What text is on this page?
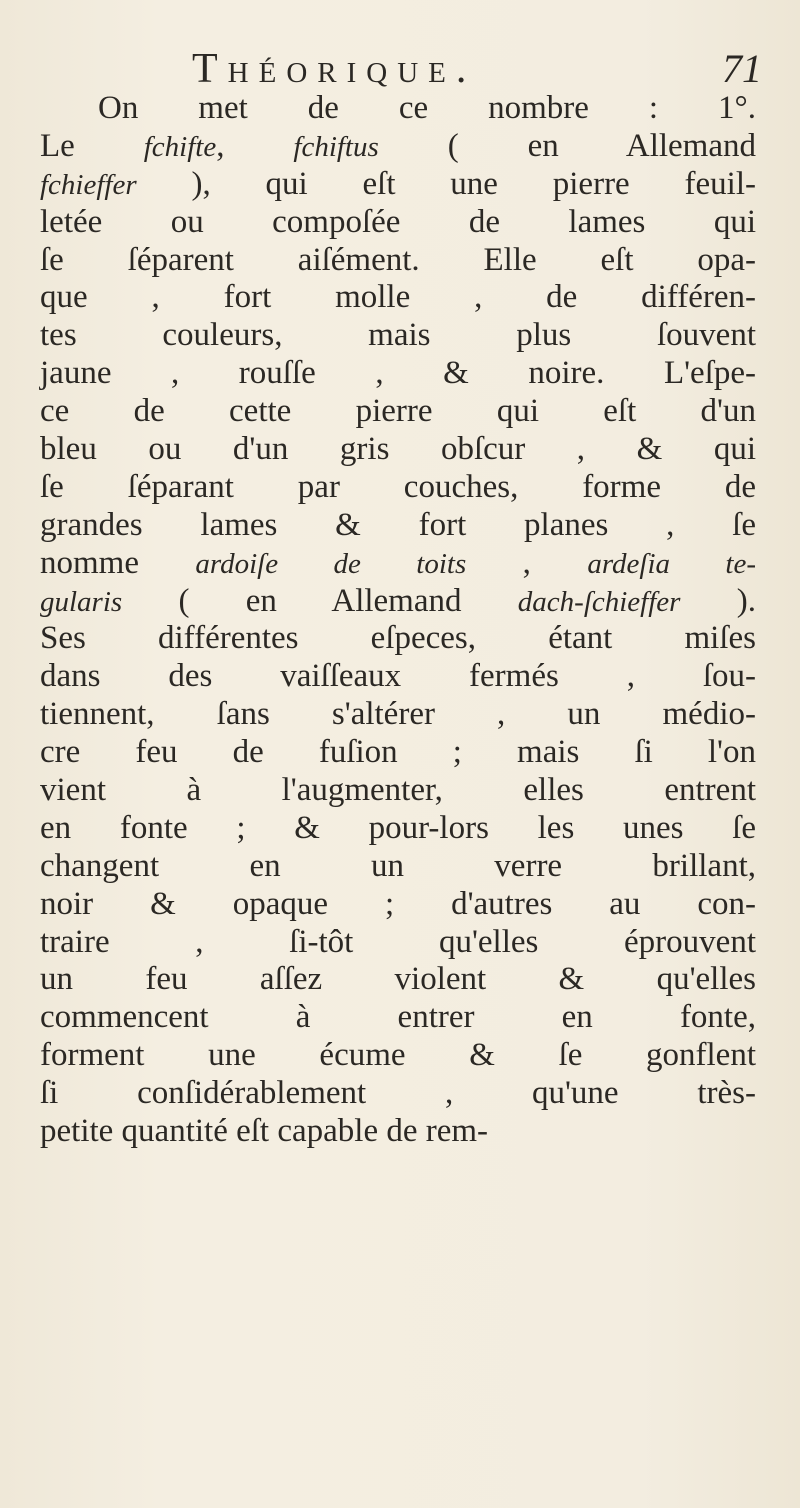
Théorique.	71
On met de ce nombre : 1°.
Le fchifte, fchiftus ( en Allemand
fchieffer ), qui eſt une pierre feuil-
letée ou compoſée de lames qui
ſe ſéparent aiſément. Elle eſt opa-
que , fort molle , de différen-
tes couleurs, mais plus ſouvent
jaune , rouſſe , & noire. L'eſpe-
ce de cette pierre qui eſt d'un
bleu ou d'un gris obſcur , & qui
ſe ſéparant par couches, forme de
grandes lames & fort planes , ſe
nomme ardoiſe de toits , ardeſia te-
gularis ( en Allemand dach-ſchieffer ).
Ses différentes eſpeces, étant miſes
dans des vaiſſeaux fermés , ſou-
tiennent, ſans s'altérer , un médio-
cre feu de fuſion ; mais ſi l'on
vient à l'augmenter, elles entrent
en fonte ; & pour-lors les unes ſe
changent en un verre brillant,
noir & opaque ; d'autres au con-
traire , ſi-tôt qu'elles éprouvent
un feu aſſez violent & qu'elles
commencent à entrer en fonte,
forment une écume & ſe gonflent
ſi conſidérablement , qu'une très-
petite quantité eſt capable de rem-
